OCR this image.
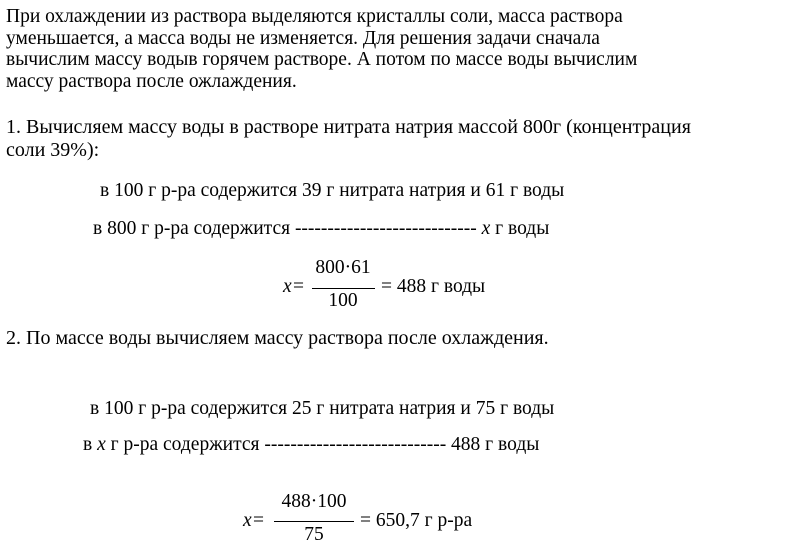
При охлаждении из раствора выделяются кристаллы соли, масса раствора
уменьшается, а масса воды не изменяется. Для решения задачи сначала
вычислим массу водыв горячем растворе. А потом по массе воды вычислим
массу раствора после ожлаждения.
1. Вычисляем массу воды в растворе нитрата натрия массой 800г (концентрация
соли 39%):
в 100 г р-ра содержится 39 г нитрата натрия и 61 г воды
в 800 г р-ра содержится ---------------------------- x г воды
x =
800·61
100
= 488 г воды
2. По массе воды вычисляем массу раствора после охлаждения.
в 100 г р-ра содержится 25 г нитрата натрия и 75 г воды
в x г р-ра содержится ---------------------------- 488 г воды
x =
488·100
75
= 650,7 г р-ра
